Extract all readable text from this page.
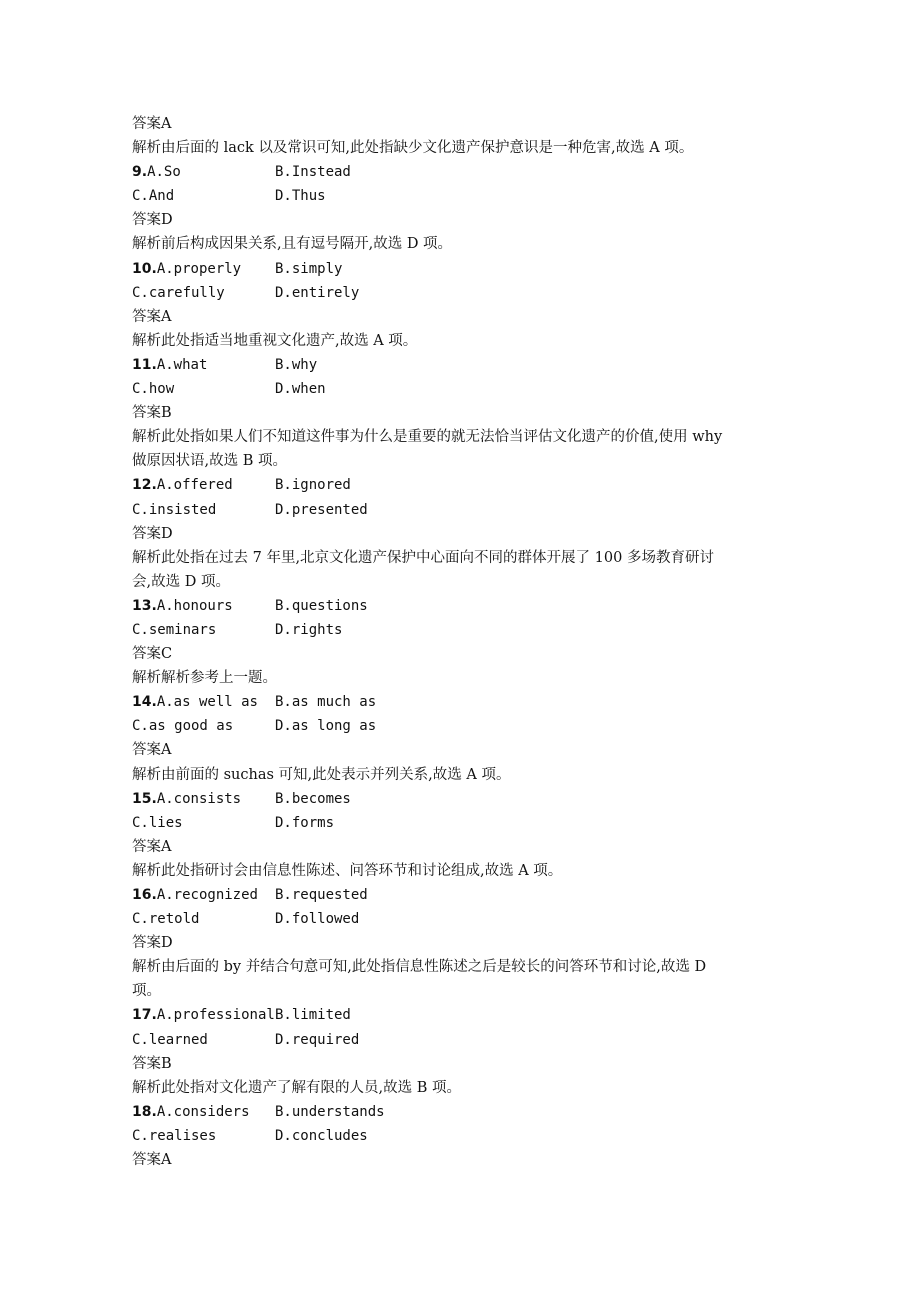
答案A
解析由后面的 lack 以及常识可知,此处指缺少文化遗产保护意识是一种危害,故选 A 项。
9.A.So	B.Instead
C.And	D.Thus
答案D
解析前后构成因果关系,且有逗号隔开,故选 D 项。
10.A.properly	B.simply
C.carefully	D.entirely
答案A
解析此处指适当地重视文化遗产,故选 A 项。
11.A.what	B.why
C.how	D.when
答案B
解析此处指如果人们不知道这件事为什么是重要的就无法恰当评估文化遗产的价值,使用 why
做原因状语,故选 B 项。
12.A.offered	B.ignored
C.insisted	D.presented
答案D
解析此处指在过去 7 年里,北京文化遗产保护中心面向不同的群体开展了 100 多场教育研讨
会,故选 D 项。
13.A.honours	B.questions
C.seminars	D.rights
答案C
解析解析参考上一题。
14.A.as well as	B.as much as
C.as good as	D.as long as
答案A
解析由前面的 suchas 可知,此处表示并列关系,故选 A 项。
15.A.consists	B.becomes
C.lies	D.forms
答案A
解析此处指研讨会由信息性陈述、问答环节和讨论组成,故选 A 项。
16.A.recognized	B.requested
C.retold	D.followed
答案D
解析由后面的 by 并结合句意可知,此处指信息性陈述之后是较长的问答环节和讨论,故选 D
项。
17.A.professional B.limited
C.learned	D.required
答案B
解析此处指对文化遗产了解有限的人员,故选 B 项。
18.A.considers	B.understands
C.realises	D.concludes
答案A
